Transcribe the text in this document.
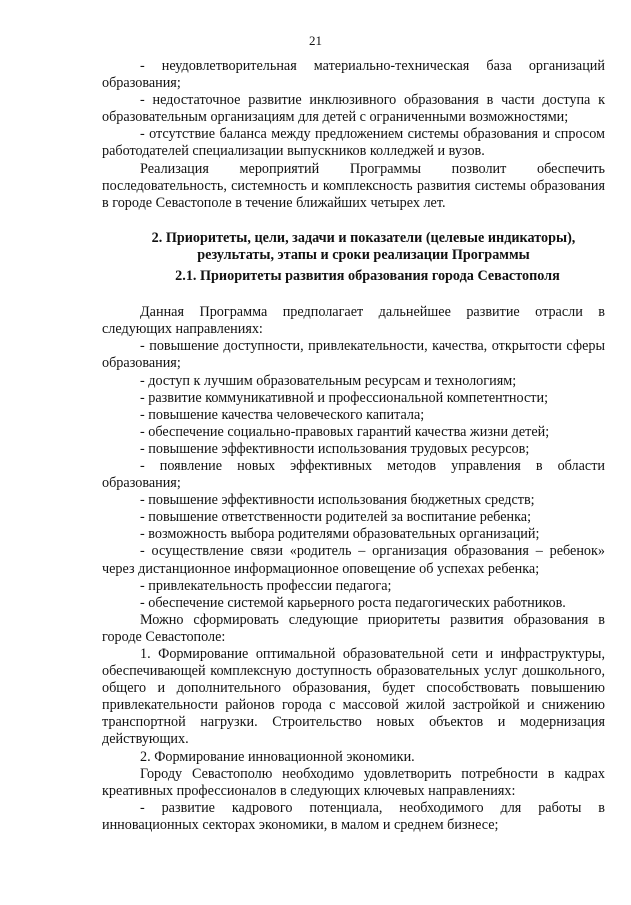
21

- неудовлетворительная материально-техническая база организаций образования;

- недостаточное развитие инклюзивного образования в части доступа к образовательным организациям для детей с ограниченными возможностями;

- отсутствие баланса между предложением системы образования и спросом работодателей специализации выпускников колледжей и вузов.

Реализация мероприятий Программы позволит обеспечить последовательность, системность и комплексность развития системы образования в городе Севастополе в течение ближайших четырех лет.

2. Приоритеты, цели, задачи и показатели (целевые индикаторы), результаты, этапы и сроки реализации Программы
2.1. Приоритеты развития образования города Севастополя

Данная Программа предполагает дальнейшее развитие отрасли в следующих направлениях:

- повышение доступности, привлекательности, качества, открытости сферы образования;

- доступ к лучшим образовательным ресурсам и технологиям;

- развитие коммуникативной и профессиональной компетентности;

- повышение качества человеческого капитала;

- обеспечение социально-правовых гарантий качества жизни детей;

- повышение эффективности использования трудовых ресурсов;

- появление новых эффективных методов управления в области образования;

- повышение эффективности использования бюджетных средств;

- повышение ответственности родителей за воспитание ребенка;

- возможность выбора родителями образовательных организаций;

- осуществление связи «родитель – организация образования – ребенок» через дистанционное информационное оповещение об успехах ребенка;

- привлекательность профессии педагога;

- обеспечение системой карьерного роста педагогических работников.

Можно сформировать следующие приоритеты развития образования в городе Севастополе:

1. Формирование оптимальной образовательной сети и инфраструктуры, обеспечивающей комплексную доступность образовательных услуг дошкольного, общего и дополнительного образования, будет способствовать повышению привлекательности районов города с массовой жилой застройкой и снижению транспортной нагрузки. Строительство новых объектов и модернизация действующих.

2. Формирование инновационной экономики.

Городу Севастополю необходимо удовлетворить потребности в кадрах креативных профессионалов в следующих ключевых направлениях:

- развитие кадрового потенциала, необходимого для работы в инновационных секторах экономики, в малом и среднем бизнесе;
